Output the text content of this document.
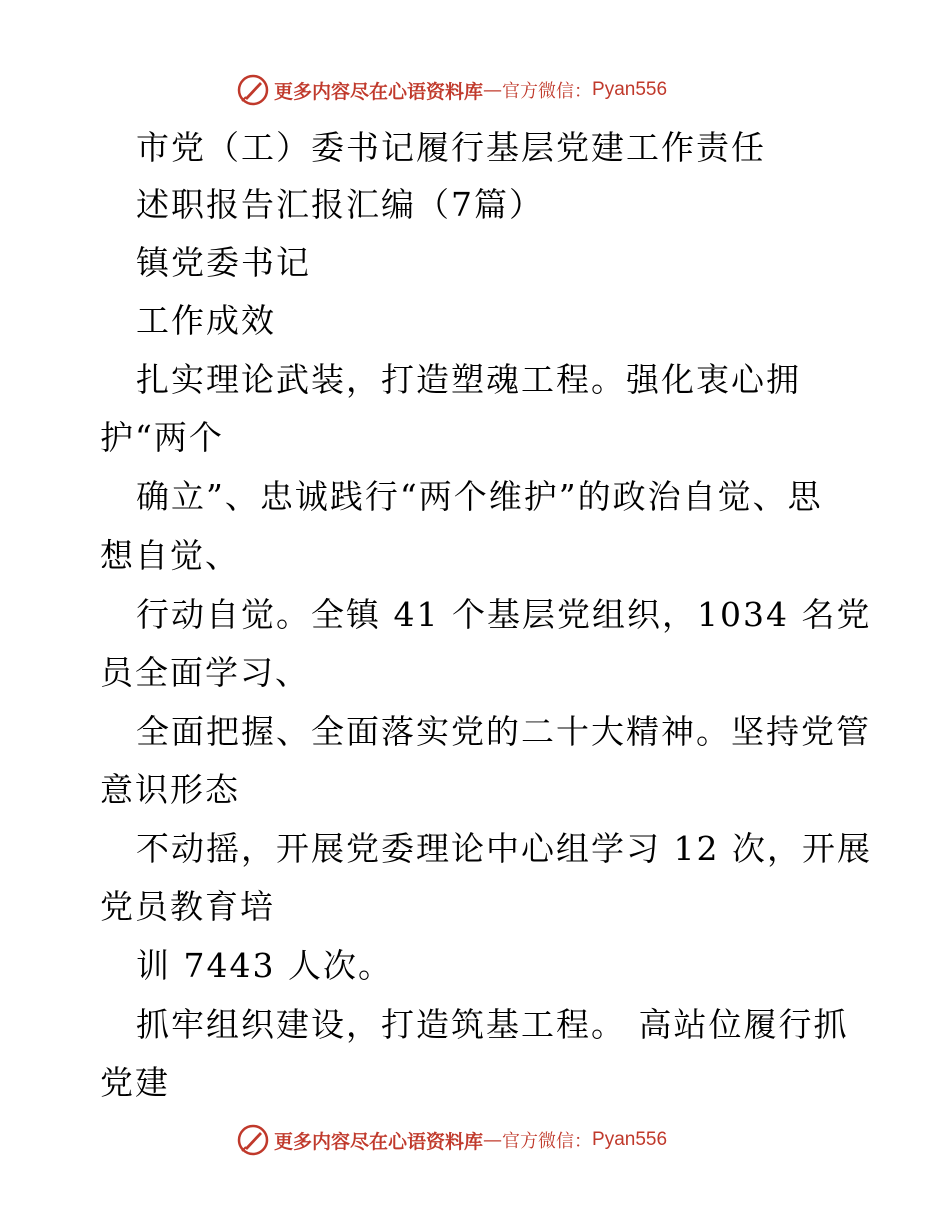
更多内容尽在心语资料库 — 官方微信： Pyan556
市党（工）委书记履行基层党建工作责任
述职报告汇报汇编（7篇）
镇党委书记
工作成效
扎实理论武装，打造塑魂工程。强化衷心拥
护“两个
确立”、忠诚践行“两个维护”的政治自觉、思
想自觉、
行动自觉。全镇 41 个基层党组织，1034 名党
员全面学习、
全面把握、全面落实党的二十大精神。坚持党管
意识形态
不动摇，开展党委理论中心组学习 12 次，开展
党员教育培
训 7443 人次。
抓牢组织建设，打造筑基工程。 高站位履行抓
党建
更多内容尽在心语资料库 — 官方微信： Pyan556
